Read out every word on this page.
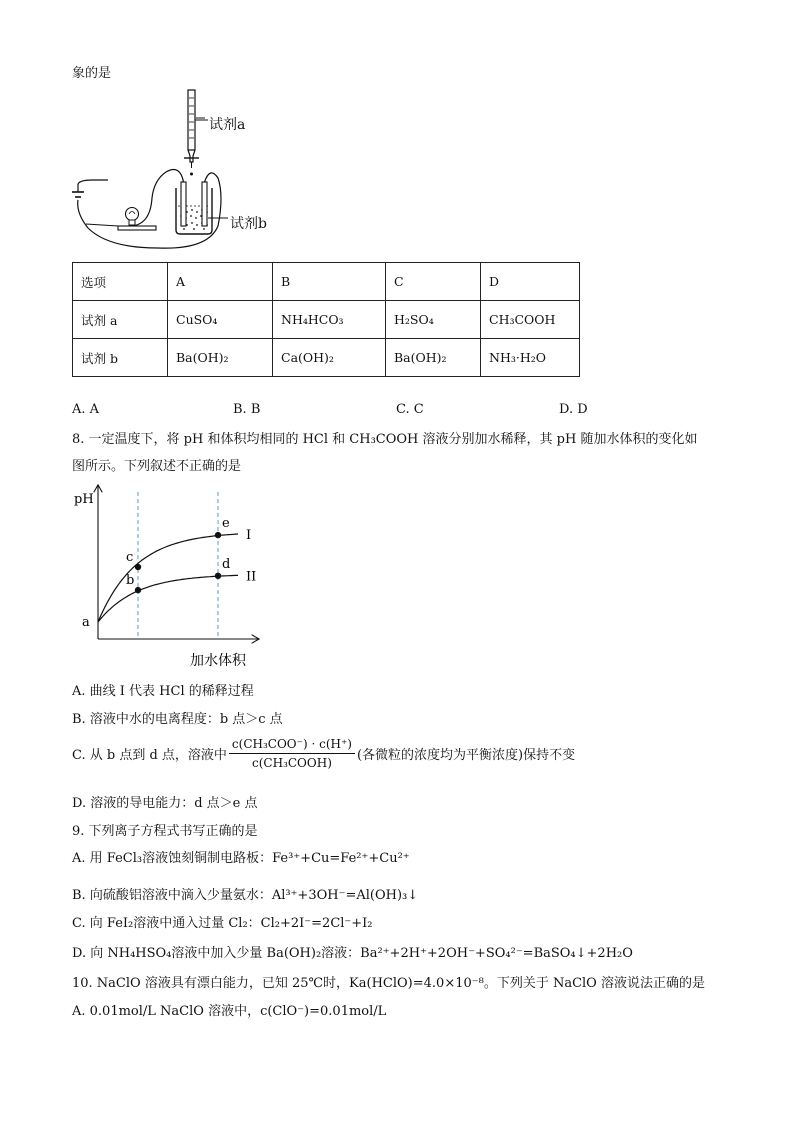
象的是
试剂a
试剂b
选项	A	B	C	D
试剂 a	CuSO₄	NH₄HCO₃	H₂SO₄	CH₃COOH
试剂 b	Ba(OH)₂	Ca(OH)₂	Ba(OH)₂	NH₃·H₂O
A. A	B. B	C. C	D. D
8. 一定温度下，将 pH 和体积均相同的 HCl 和 CH₃COOH 溶液分别加水稀释，其 pH 随加水体积的变化如
图所示。下列叙述不正确的是
pH
加水体积
I
II
a
b
c	d
e
A. 曲线 I 代表 HCl 的稀释过程
B. 溶液中水的电离程度：b 点＞c 点
C. 从 b 点到 d 点，溶液中 $\frac{\text{c(CH₃COO⁻) · c(H⁺)}}{\text{c(CH₃COOH)}}$ (各微粒的浓度均为平衡浓度)保持不变
D. 溶液的导电能力：d 点＞e 点
9. 下列离子方程式书写正确的是
A. 用 FeCl₃溶液蚀刻铜制电路板：Fe³⁺+Cu=Fe²⁺+Cu²⁺
B. 向硫酸铝溶液中滴入少量氨水：Al³⁺+3OH⁻=Al(OH)₃↓
C. 向 FeI₂溶液中通入过量 Cl₂：Cl₂+2I⁻=2Cl⁻+I₂
D. 向 NH₄HSO₄溶液中加入少量 Ba(OH)₂溶液：Ba²⁺+2H⁺+2OH⁻+SO₄²⁻=BaSO₄↓+2H₂O
10. NaClO 溶液具有漂白能力，已知 25℃时，Ka(HClO)=4.0×10⁻⁸。下列关于 NaClO 溶液说法正确的是
A. 0.01mol/L NaClO 溶液中，c(ClO⁻)=0.01mol/L
